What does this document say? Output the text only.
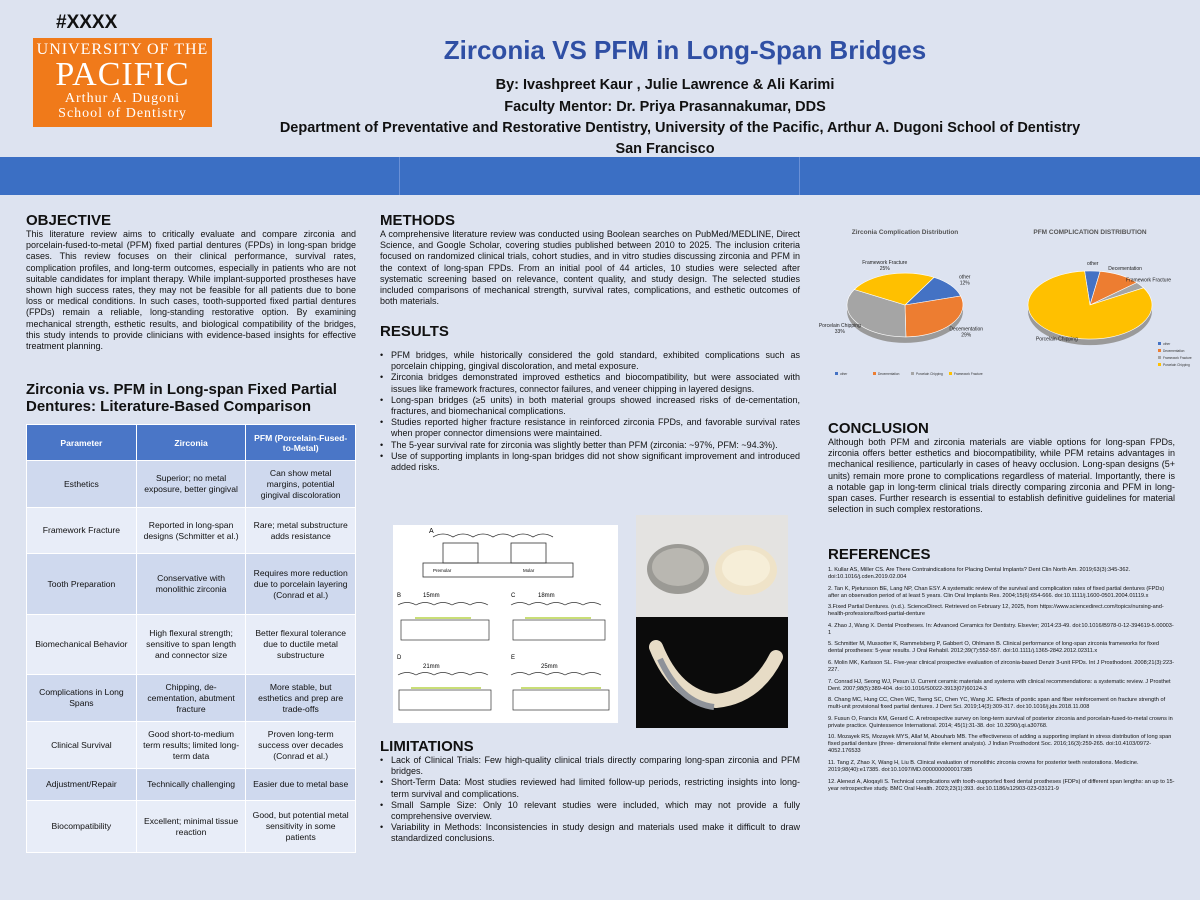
#XXXX
UNIVERSITY OF THE
PACIFIC
Arthur A. Dugoni
School of Dentistry
Zirconia VS PFM in Long-Span Bridges
By: Ivashpreet Kaur , Julie Lawrence & Ali Karimi
Faculty Mentor: Dr. Priya Prasannakumar, DDS
Department of Preventative and Restorative Dentistry, University of the Pacific, Arthur A. Dugoni School of Dentistry
San Francisco
OBJECTIVE

This literature review aims to critically evaluate and compare zirconia and porcelain-fused-to-metal (PFM) fixed partial dentures (FPDs) in long-span bridge cases. This review focuses on their clinical performance, survival rates, complication profiles, and long-term outcomes, especially in patients who are not suitable candidates for implant therapy. While implant-supported prostheses have shown high success rates, they may not be feasible for all patients due to bone loss or medical conditions. In such cases, tooth-supported fixed partial dentures (FPDs) remain a reliable, long-standing restorative option. By examining mechanical strength, esthetic results, and biological compatibility of the bridges, this study intends to provide clinicians with evidence-based insights for effective treatment planning.

Zirconia vs. PFM in Long-span Fixed Partial Dentures: Literature-Based Comparison
Parameter	Zirconia	PFM (Porcelain-Fused-to-Metal)
Esthetics	Superior; no metal exposure, better gingival	Can show metal margins, potential gingival discoloration
Framework Fracture	Reported in long-span designs (Schmitter et al.)	Rare; metal substructure adds resistance
Tooth Preparation	Conservative with monolithic zirconia	Requires more reduction due to porcelain layering (Conrad et al.)
Biomechanical Behavior	High flexural strength; sensitive to span length and connector size	Better flexural tolerance due to ductile metal substructure
Complications in Long Spans	Chipping, de-cementation, abutment fracture	More stable, but esthetics and prep are trade-offs
Clinical Survival	Good short-to-medium term results; limited long-term data	Proven long-term success over decades (Conrad et al.)
Adjustment/Repair	Technically challenging	Easier due to metal base
Biocompatibility	Excellent; minimal tissue reaction	Good, but potential metal sensitivity in some patients
METHODS

A comprehensive literature review was conducted using Boolean searches on PubMed/MEDLINE, Direct Science, and Google Scholar, covering studies published between 2010 to 2025. The inclusion criteria focused on randomized clinical trials, cohort studies, and in vitro studies discussing zirconia and PFM in the context of long-span FPDs. From an initial pool of 44 articles, 10 studies were selected after systematic screening based on relevance, content quality, and study design. The selected studies included comparisons of mechanical strength, survival rates, complications, and esthetic outcomes of both materials.

RESULTS
• PFM bridges, while historically considered the gold standard, exhibited complications such as porcelain chipping, gingival discoloration, and metal exposure.
• Zirconia bridges demonstrated improved esthetics and biocompatibility, but were associated with issues like framework fractures, connector failures, and veneer chipping in layered designs.
• Long-span bridges (≥5 units) in both material groups showed increased risks of de-cementation, fractures, and biomechanical complications.
• Studies reported higher fracture resistance in reinforced zirconia FPDs, and favorable survival rates when proper connector dimensions were maintained.
• The 5-year survival rate for zirconia was slightly better than PFM (zirconia: ~97%, PFM: ~94.3%).
• Use of supporting implants in long-span bridges did not show significant improvement and introduced added risks.
A
Premolar	Molar
B	15mm	C	18mm
D
21mm
E
25mm
LIMITATIONS
• Lack of Clinical Trials: Few high-quality clinical trials directly comparing long-span zirconia and PFM bridges.
• Short-Term Data: Most studies reviewed had limited follow-up periods, restricting insights into long-term survival and complications.
• Small Sample Size: Only 10 relevant studies were included, which may not provide a fully comprehensive overview.
• Variability in Methods: Inconsistencies in study design and materials used make it difficult to draw standardized conclusions.
other
12%
Decementation
29%
Porcelain Chipping
33%
Framework Fracture
25%
Zirconia Complication Distribution
other	Decementation	Porcelain Chipping	Framework Fracture
other
Decementation
Framework Fracture
Porcelain Chipping
PFM COMPLICATION DISTRIBUTION
other
Decementation
Framework Fracture
Porcelain Chipping
CONCLUSION

Although both PFM and zirconia materials are viable options for long-span FPDs, zirconia offers better esthetics and biocompatibility, while PFM retains advantages in mechanical resilience, particularly in cases of heavy occlusion. Long-span designs (5+ units) remain more prone to complications regardless of material. Importantly, there is a notable gap in long-term clinical trials directly comparing zirconia and PFM in long-span cases. Further research is essential to establish definitive guidelines for material selection in such complex restorations.

REFERENCES
1. Kullar AS, Miller CS. Are There Contraindications for Placing Dental Implants? Dent Clin North Am. 2019;63(3):345-362. doi:10.1016/j.cden.2019.02.004
2. Tan K, Pjetursson BE, Lang NP, Chan ESY. A systematic review of the survival and complication rates of fixed partial dentures (FPDs) after an observation period of at least 5 years. Clin Oral Implants Res. 2004;15(6):654-666. doi:10.1111/j.1600-0501.2004.01119.x
3.Fixed Partial Dentures. (n.d.). ScienceDirect. Retrieved on February 12, 2025, from https://www.sciencedirect.com/topics/nursing-and-health-professions/fixed-partial-denture
4. Zhao J, Wang X. Dental Prostheses. In: Advanced Ceramics for Dentistry. Elsevier; 2014:23-49. doi:10.1016/B978-0-12-394619-5.00003-1
5. Schmitter M, Mussotter K, Rammelsberg P, Gabbert O, Ohlmann B. Clinical performance of long-span zirconia frameworks for fixed dental prostheses: 5-year results. J Oral Rehabil. 2012;39(7):552-557. doi:10.1111/j.1365-2842.2012.02311.x
6. Molin MK, Karlsson SL. Five-year clinical prospective evaluation of zirconia-based Denzir 3-unit FPDs. Int J Prosthodont. 2008;21(3):223-227.
7. Conrad HJ, Seong WJ, Pesun IJ. Current ceramic materials and systems with clinical recommendations: a systematic review. J Prosthet Dent. 2007;98(5):389-404. doi:10.1016/S0022-3913(07)60124-3
8. Chang MC, Hung CC, Chen WC, Tseng SC, Chen YC, Wang JC. Effects of pontic span and fiber reinforcement on fracture strength of multi-unit provisional fixed partial dentures. J Dent Sci. 2019;14(3):309-317. doi:10.1016/j.jds.2018.11.008
9. Fusun O, Francis KM, Gerard C. A retrospective survey on long-term survival of posterior zirconia and porcelain-fused-to-metal crowns in private practice. Quintessence International. 2014; 45(1):31-38. doi: 10.3290/j.qi.a30768.
10. Mozayek RS, Mozayek MYS, Allaf M, Abouharb MB. The effectiveness of adding a supporting implant in stress distribution of long span fixed partial denture (three- dimensional finite element analysis). J Indian Prosthodont Soc. 2016;16(3):259-265. doi:10.4103/0972-4052.176533
11. Tang Z, Zhao X, Wang H, Liu B. Clinical evaluation of monolithic zirconia crowns for posterior teeth restorations. Medicine. 2019;98(40):e17385. doi:10.1097/MD.0000000000017385
12. Alenezi A, Aloqayli S. Technical complications with tooth-supported fixed dental prostheses (FDPs) of different span lengths: an up to 15-year retrospective study. BMC Oral Health. 2023;23(1):393. doi:10.1186/s12903-023-03121-9
